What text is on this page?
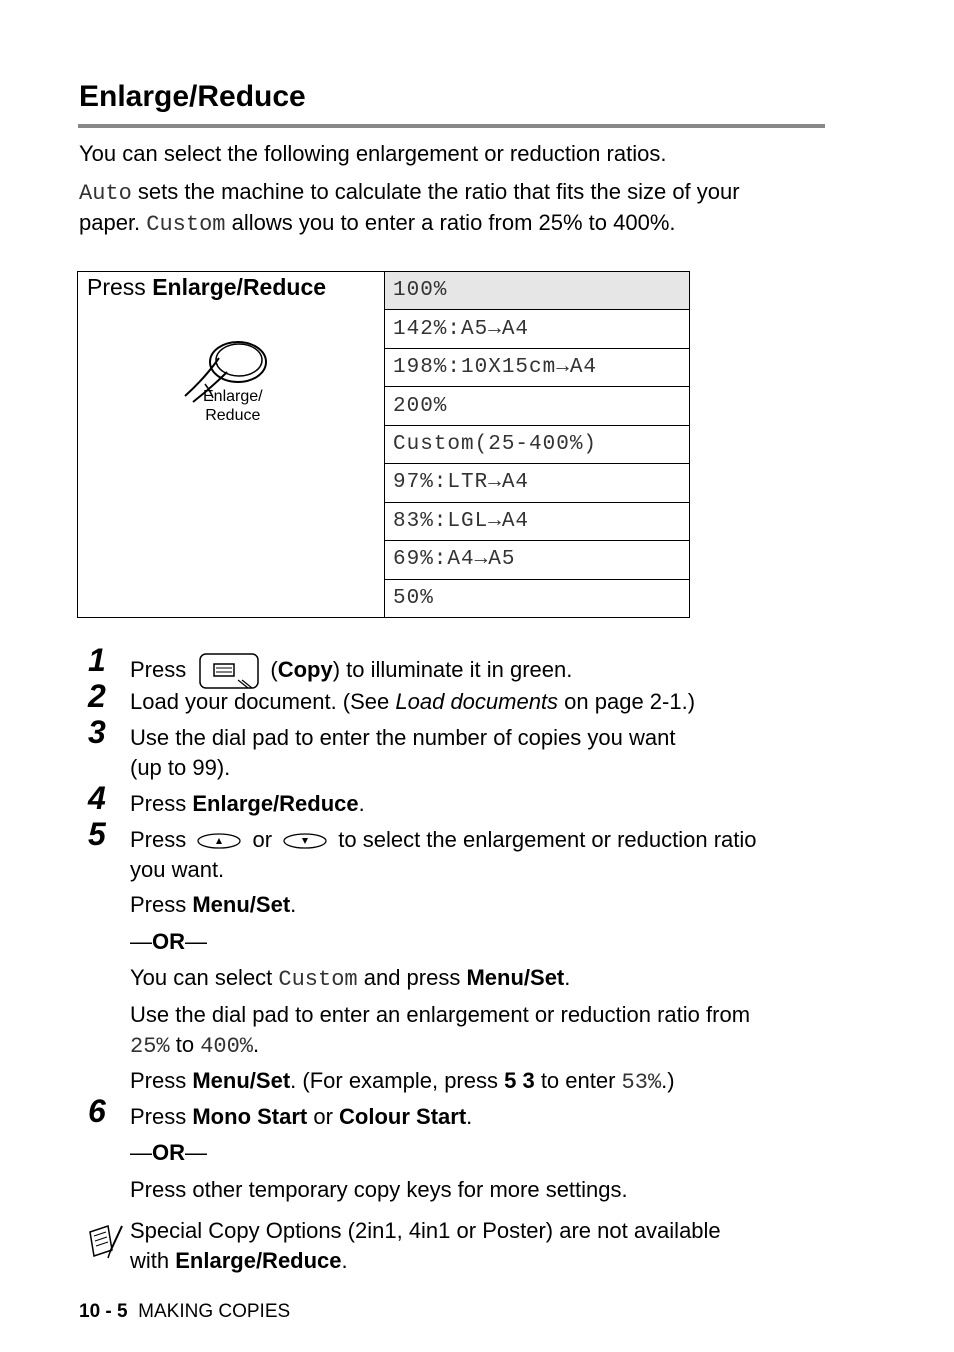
Enlarge/Reduce
You can select the following enlargement or reduction ratios.
Auto sets the machine to calculate the ratio that fits the size of your
paper. Custom allows you to enter a ratio from 25% to 400%.
Press Enlarge/Reduce
Enlarge/
Reduce
	100%
142%:A5→A4
198%:10X15cm→A4
200%
Custom(25-400%)
97%:LTR→A4
83%:LGL→A4
69%:A4→A5
50%
1 Press	(Copy) to illuminate it in green.
2 Load your document. (See Load documents on page 2-1.)
3 Use the dial pad to enter the number of copies you want
(up to 99).
4 Press Enlarge/Reduce.
5 Press  or  to select the enlargement or reduction ratio
you want.
Press Menu/Set.
—OR—
You can select Custom and press Menu/Set.
Use the dial pad to enter an enlargement or reduction ratio from
25% to 400%.
Press Menu/Set. (For example, press 5 3 to enter 53%.)
6 Press Mono Start or Colour Start.
—OR—
Press other temporary copy keys for more settings.
Special Copy Options (2in1, 4in1 or Poster) are not available
with Enlarge/Reduce.
10 - 5 MAKING COPIES
